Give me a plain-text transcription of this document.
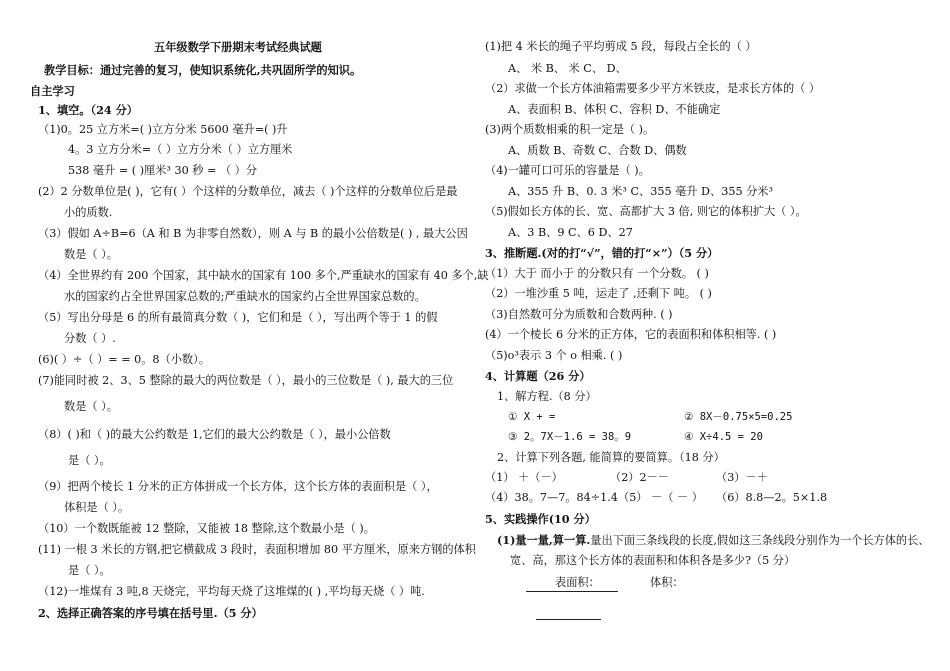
五年级数学下册期末考试经典试题
教学目标：通过完善的复习，使知识系统化,共巩固所学的知识。
自主学习
1、填空。（24 分）
（1)0。25 立方米=( )立方分米 5600 毫升=( )升
4。3 立方分米=（ ）立方分米（ ）立方厘米
538 毫升 = ( )厘米³ 30 秒 = （ ）分
(2）2 分数单位是( )，它有( ）个这样的分数单位，减去（ )个这样的分数单位后是最
小的质数.
（3）假如 A÷B=6（A 和 B 为非零自然数），则 A 与 B 的最小公倍数是( ) , 最大公因
数是（ ）。
（4）全世界约有 200 个国家，其中缺水的国家有 100 多个,严重缺水的国家有 40 多个,缺
水的国家约占全世界国家总数的;严重缺水的国家约占全世界国家总数的。
（5）写出分母是 6 的所有最简真分数（ )，它们和是（ ），写出两个等于 1 的假
分数（ ）.
(6)( ）÷（ ）= = 0。8（小数）。
(7)能同时被 2、3、5 整除的最大的两位数是（ ），最小的三位数是（ ), 最大的三位
数是（ ）。
（8）( )和（ )的最大公约数是 1,它们的最大公约数是（ ），最小公倍数
是（ ）。
（9）把两个棱长 1 分米的正方体拼成一个长方体，这个长方体的表面积是（ ），
体积是（ ）。
（10）一个数既能被 12 整除，又能被 18 整除,这个数最小是（ )。
(11) 一根 3 米长的方钢,把它横截成 3 段时，表面积增加 80 平方厘米，原来方钢的体积
是（ ）。
（12)一堆煤有 3 吨,8 天烧完，平均每天烧了这堆煤的( ) ,平均每天烧（ ）吨.
2、选择正确答案的序号填在括号里.（5 分）
(1)把 4 米长的绳子平均剪成 5 段，每段占全长的（ ）
A、 米 B、 米 C、 D、
（2）求做一个长方体油箱需要多少平方米铁皮，是求长方体的（ ）
A、表面积 B、体积 C、容积 D、不能确定
(3)两个质数相乘的积一定是（ )。
A、质数 B、奇数 C、合数 D、偶数
（4)一罐可口可乐的容量是（ )。
A、355 升 B、0. 3 米³ C、355 毫升 D、355 分米³
（5)假如长方体的长、宽、高都扩大 3 倍, 则它的体积扩大（ ）。
A、3 B、9 C、6 D、27
3、推断题.(对的打“√”，错的打“×”）（5 分）
（1）大于 而小于 的分数只有 一个分数。 ( )
（2）一堆沙重 5 吨，运走了 ,还剩下 吨。 ( )
（3)自然数可分为质数和合数两种. ( )
(4）一个棱长 6 分米的正方体，它的表面积和体积相等. ( )
（5)o³表示 3 个 o 相乘. ( )
4、计算题（26 分）
1、解方程.（8 分）
① X + =	② 8X－0.75×5=0.25
③ 2。7X－1.6 = 38。9	④ X÷4.5 = 20
2、计算下列各题, 能简算的要简算。（18 分）
（1） ＋（－）	（2）2－－	（3）－＋
（4）38。7—7。84÷1.4 （5） －（ － ） （6）8.8—2。5×1.8
5、实践操作(10 分）
(1)量一量,算一算.量出下面三条线段的长度,假如这三条线段分别作为一个长方体的长、
宽、高，那这个长方体的表面积和体积各是多少?（5 分）
表面积：	体积：
